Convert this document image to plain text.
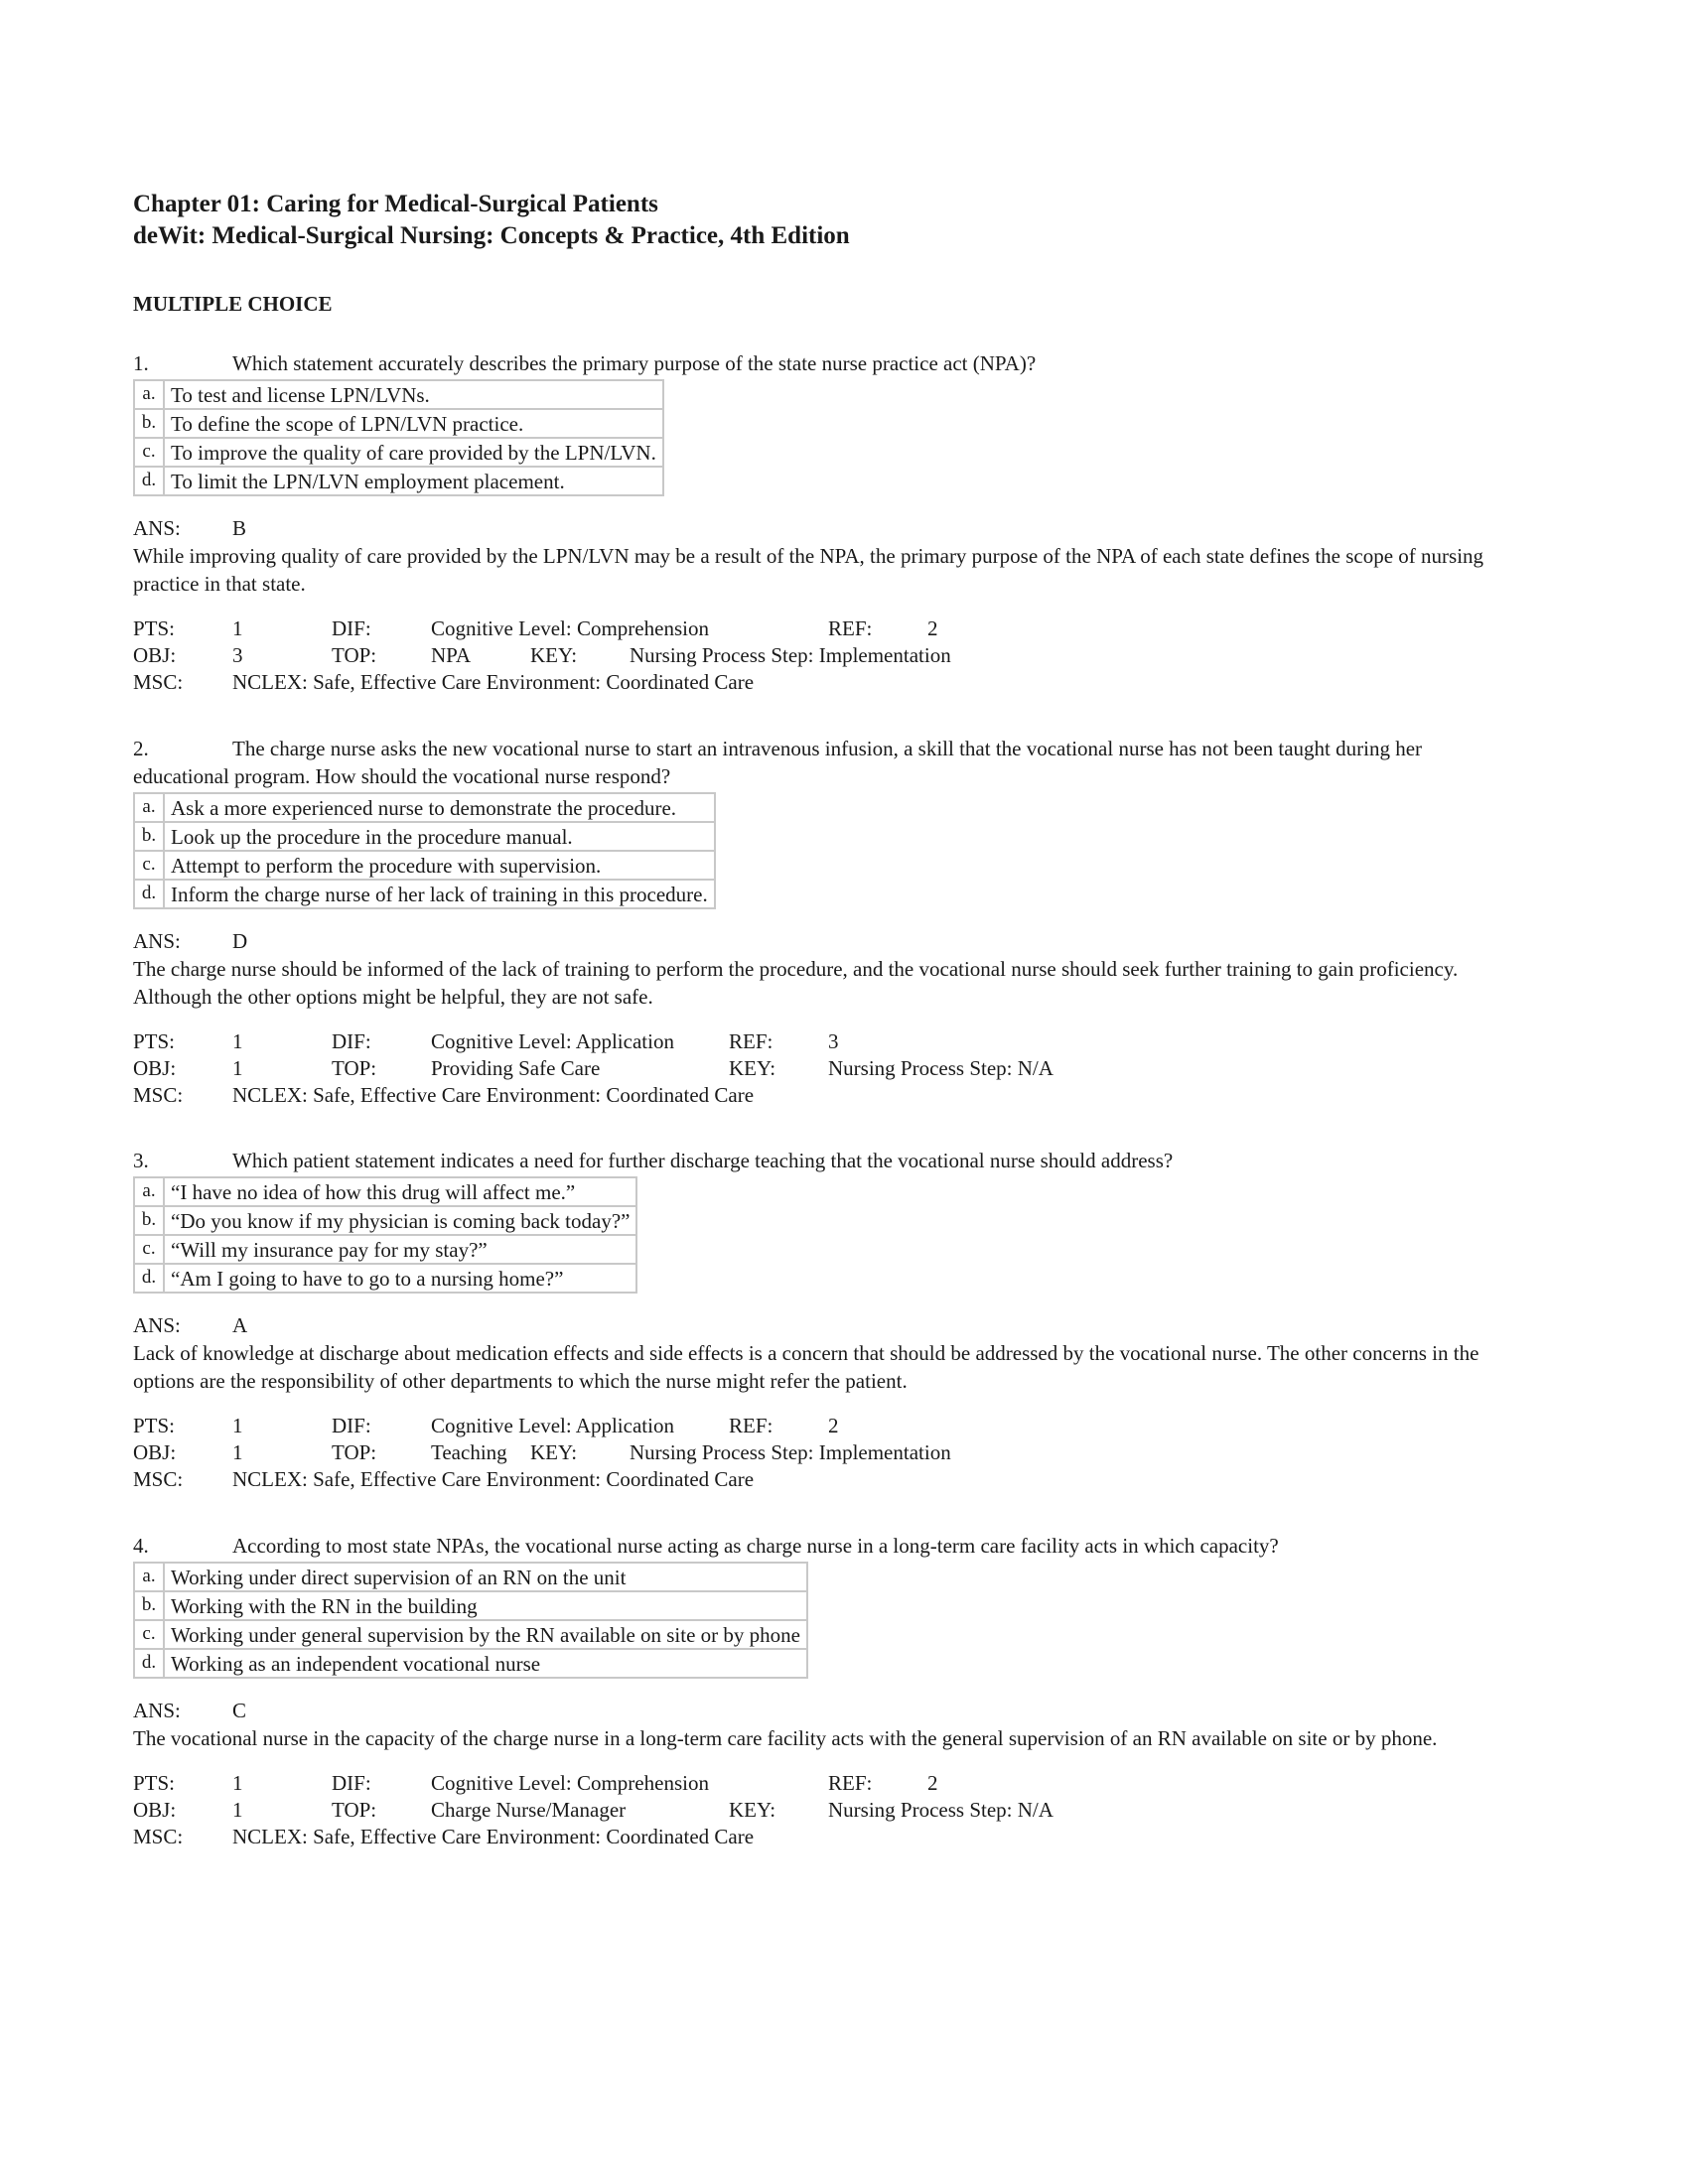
Chapter 01: Caring for Medical-Surgical Patients
deWit: Medical-Surgical Nursing: Concepts & Practice, 4th Edition
MULTIPLE CHOICE
1.	Which statement accurately describes the primary purpose of the state nurse practice act (NPA)?
a.	To test and license LPN/LVNs.
b.	To define the scope of LPN/LVN practice.
c.	To improve the quality of care provided by the LPN/LVN.
d.	To limit the LPN/LVN employment placement.
ANS: B
While improving quality of care provided by the LPN/LVN may be a result of the NPA, the primary purpose of the NPA of each state defines the scope of nursing practice in that state.
PTS:	1	DIF:	Cognitive Level: Comprehension	REF:	2
OBJ:	3	TOP:	NPA	KEY:	Nursing Process Step: Implementation
MSC: NCLEX: Safe, Effective Care Environment: Coordinated Care
2.	The charge nurse asks the new vocational nurse to start an intravenous infusion, a skill that the vocational nurse has not been taught during her educational program. How should the vocational nurse respond?
a.	Ask a more experienced nurse to demonstrate the procedure.
b.	Look up the procedure in the procedure manual.
c.	Attempt to perform the procedure with supervision.
d.	Inform the charge nurse of her lack of training in this procedure.
ANS: D
The charge nurse should be informed of the lack of training to perform the procedure, and the vocational nurse should seek further training to gain proficiency. Although the other options might be helpful, they are not safe.
PTS:	1	DIF:	Cognitive Level: Application	REF:	3
OBJ:	1	TOP:	Providing Safe Care	KEY:	Nursing Process Step: N/A
MSC: NCLEX: Safe, Effective Care Environment: Coordinated Care
3.	Which patient statement indicates a need for further discharge teaching that the vocational nurse should address?
a.	“I have no idea of how this drug will affect me.”
b.	“Do you know if my physician is coming back today?”
c.	“Will my insurance pay for my stay?”
d.	“Am I going to have to go to a nursing home?”
ANS: A
Lack of knowledge at discharge about medication effects and side effects is a concern that should be addressed by the vocational nurse. The other concerns in the options are the responsibility of other departments to which the nurse might refer the patient.
PTS:	1	DIF:	Cognitive Level: Application	REF:	2
OBJ:	1	TOP:	Teaching KEY:	Nursing Process Step: Implementation
MSC: NCLEX: Safe, Effective Care Environment: Coordinated Care
4.	According to most state NPAs, the vocational nurse acting as charge nurse in a long-term care facility acts in which capacity?
a.	Working under direct supervision of an RN on the unit
b.	Working with the RN in the building
c.	Working under general supervision by the RN available on site or by phone
d.	Working as an independent vocational nurse
ANS: C
The vocational nurse in the capacity of the charge nurse in a long-term care facility acts with the general supervision of an RN available on site or by phone.
PTS:	1	DIF:	Cognitive Level: Comprehension	REF:	2
OBJ:	1	TOP:	Charge Nurse/Manager	KEY:	Nursing Process Step: N/A
MSC: NCLEX: Safe, Effective Care Environment: Coordinated Care
